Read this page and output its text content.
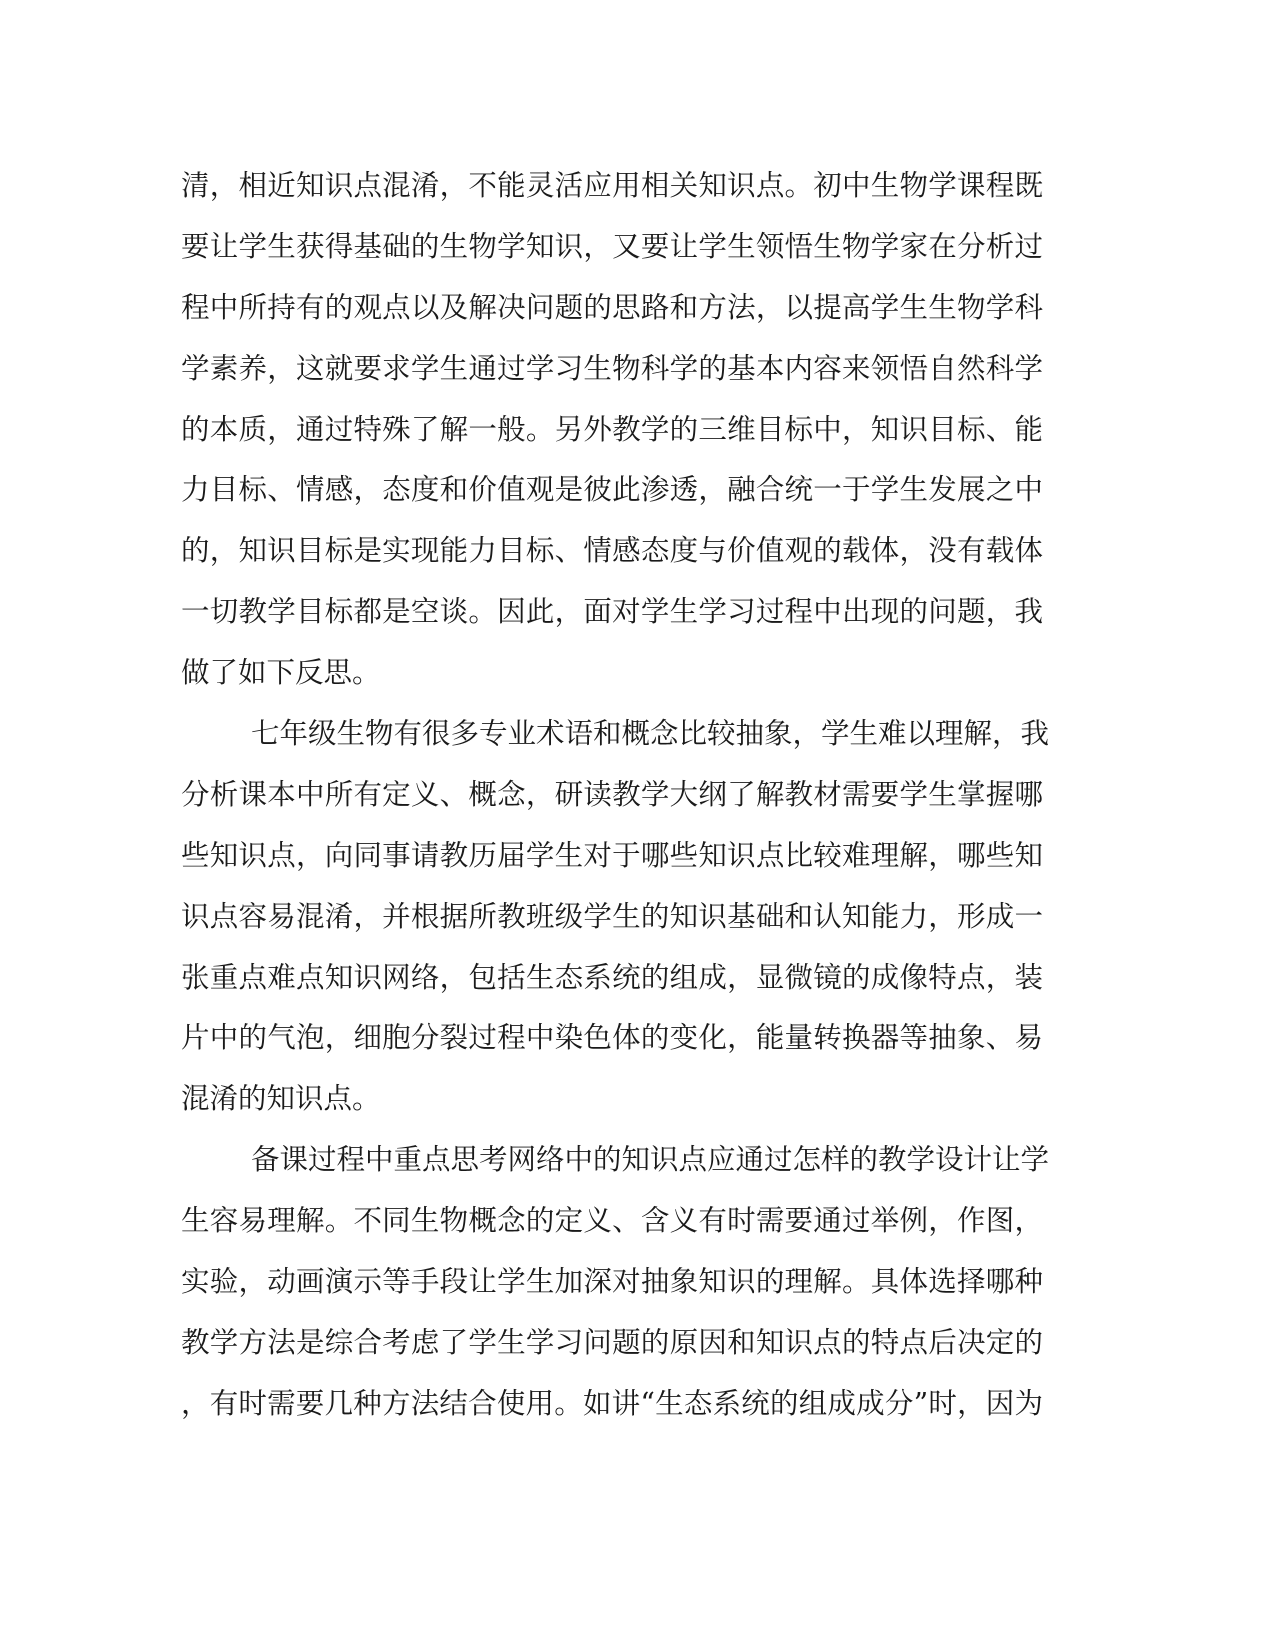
清，相近知识点混淆，不能灵活应用相关知识点。初中生物学课程既
要让学生获得基础的生物学知识，又要让学生领悟生物学家在分析过
程中所持有的观点以及解决问题的思路和方法，以提高学生生物学科
学素养，这就要求学生通过学习生物科学的基本内容来领悟自然科学
的本质，通过特殊了解一般。另外教学的三维目标中，知识目标、能
力目标、情感，态度和价值观是彼此渗透，融合统一于学生发展之中
的，知识目标是实现能力目标、情感态度与价值观的载体，没有载体
一切教学目标都是空谈。因此，面对学生学习过程中出现的问题，我
做了如下反思。
七年级生物有很多专业术语和概念比较抽象，学生难以理解，我
分析课本中所有定义、概念，研读教学大纲了解教材需要学生掌握哪
些知识点，向同事请教历届学生对于哪些知识点比较难理解，哪些知
识点容易混淆，并根据所教班级学生的知识基础和认知能力，形成一
张重点难点知识网络，包括生态系统的组成，显微镜的成像特点，装
片中的气泡，细胞分裂过程中染色体的变化，能量转换器等抽象、易
混淆的知识点。
备课过程中重点思考网络中的知识点应通过怎样的教学设计让学
生容易理解。不同生物概念的定义、含义有时需要通过举例，作图，
实验，动画演示等手段让学生加深对抽象知识的理解。具体选择哪种
教学方法是综合考虑了学生学习问题的原因和知识点的特点后决定的
，有时需要几种方法结合使用。如讲“生态系统的组成成分”时，因为
